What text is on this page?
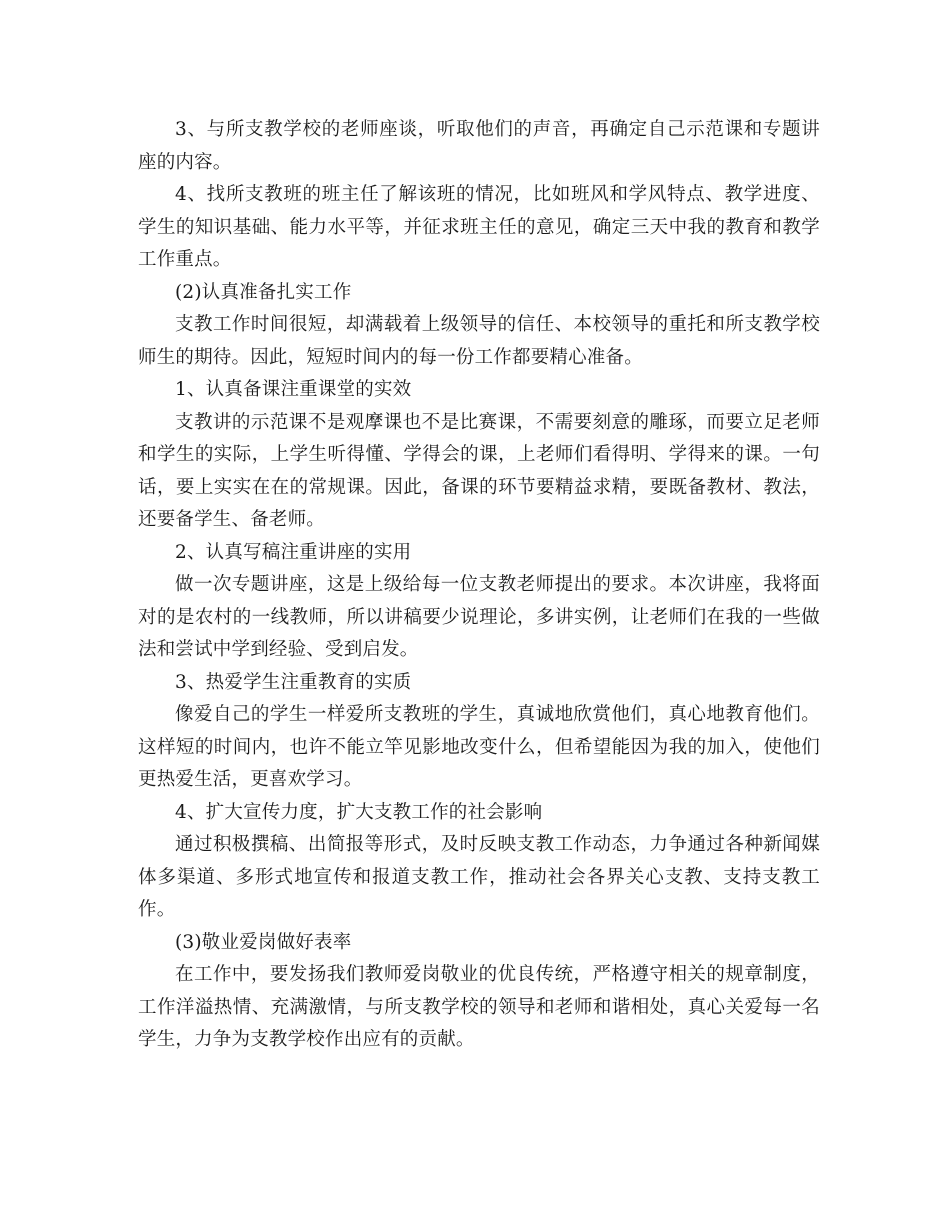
3、与所支教学校的老师座谈，听取他们的声音，再确定自己示范课和专题讲座的内容。

4、找所支教班的班主任了解该班的情况，比如班风和学风特点、教学进度、学生的知识基础、能力水平等，并征求班主任的意见，确定三天中我的教育和教学工作重点。

(2)认真准备扎实工作

支教工作时间很短，却满载着上级领导的信任、本校领导的重托和所支教学校师生的期待。因此，短短时间内的每一份工作都要精心准备。

1、认真备课注重课堂的实效

支教讲的示范课不是观摩课也不是比赛课，不需要刻意的雕琢，而要立足老师和学生的实际，上学生听得懂、学得会的课，上老师们看得明、学得来的课。一句话，要上实实在在的常规课。因此，备课的环节要精益求精，要既备教材、教法，还要备学生、备老师。

2、认真写稿注重讲座的实用

做一次专题讲座，这是上级给每一位支教老师提出的要求。本次讲座，我将面对的是农村的一线教师，所以讲稿要少说理论，多讲实例，让老师们在我的一些做法和尝试中学到经验、受到启发。

3、热爱学生注重教育的实质

像爱自己的学生一样爱所支教班的学生，真诚地欣赏他们，真心地教育他们。这样短的时间内，也许不能立竿见影地改变什么，但希望能因为我的加入，使他们更热爱生活，更喜欢学习。

4、扩大宣传力度，扩大支教工作的社会影响

通过积极撰稿、出简报等形式，及时反映支教工作动态，力争通过各种新闻媒体多渠道、多形式地宣传和报道支教工作，推动社会各界关心支教、支持支教工作。

(3)敬业爱岗做好表率

在工作中，要发扬我们教师爱岗敬业的优良传统，严格遵守相关的规章制度，工作洋溢热情、充满激情，与所支教学校的领导和老师和谐相处，真心关爱每一名学生，力争为支教学校作出应有的贡献。
